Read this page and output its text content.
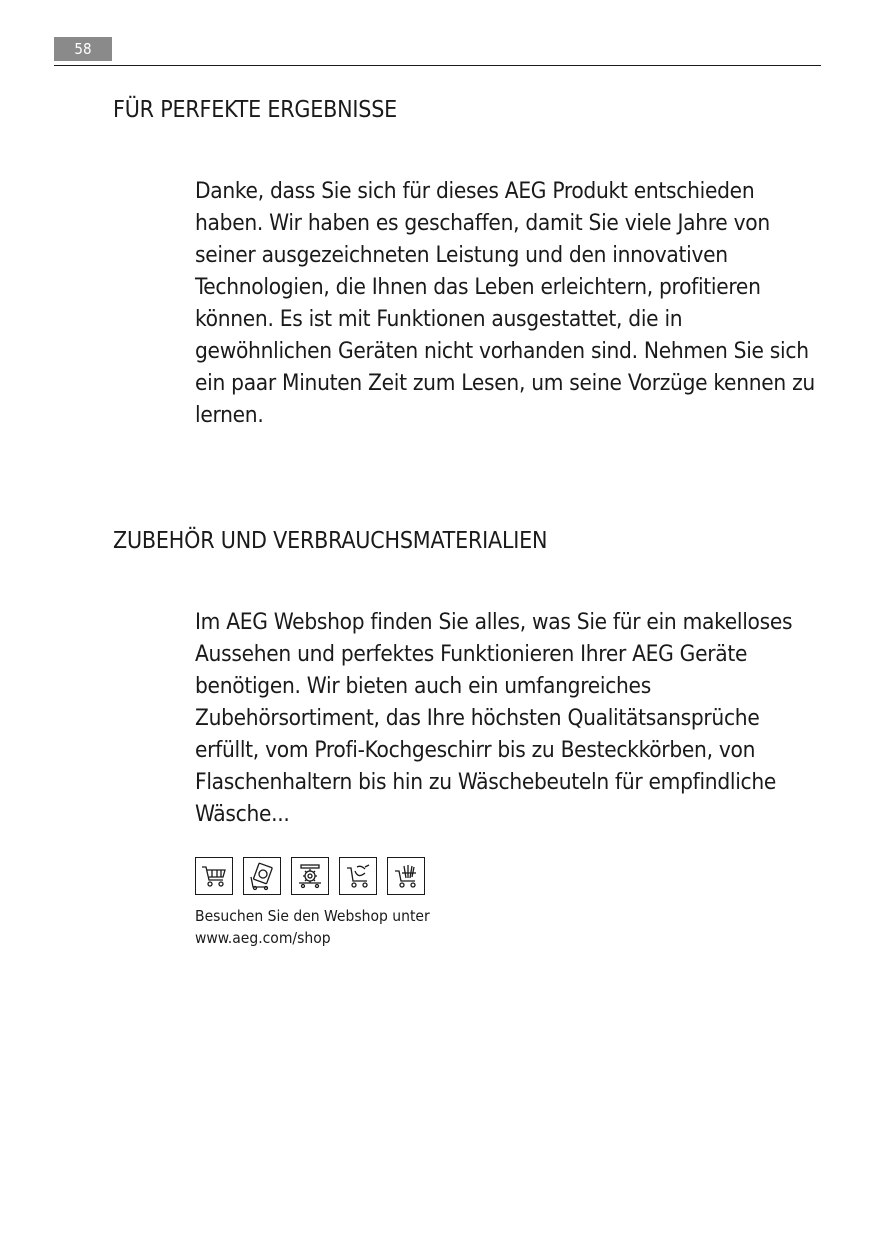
58
FÜR PERFEKTE ERGEBNISSE

Danke, dass Sie sich für dieses AEG Produkt entschieden haben. Wir haben es geschaffen, damit Sie viele Jahre von seiner ausgezeichneten Leistung und den innovativen Technologien, die Ihnen das Leben erleichtern, profitieren können. Es ist mit Funktionen ausgestattet, die in gewöhnlichen Geräten nicht vorhanden sind. Nehmen Sie sich ein paar Minuten Zeit zum Lesen, um seine Vorzüge kennen zu lernen.

ZUBEHÖR UND VERBRAUCHSMATERIALIEN

Im AEG Webshop finden Sie alles, was Sie für ein makelloses Aussehen und perfektes Funktionieren Ihrer AEG Geräte benötigen. Wir bieten auch ein umfangreiches Zubehörsortiment, das Ihre höchsten Qualitätsansprüche erfüllt, vom Profi-Kochgeschirr bis zu Besteckkörben, von Flaschenhaltern bis hin zu Wäschebeuteln für empfindliche Wäsche...

Besuchen Sie den Webshop unter
www.aeg.com/shop
